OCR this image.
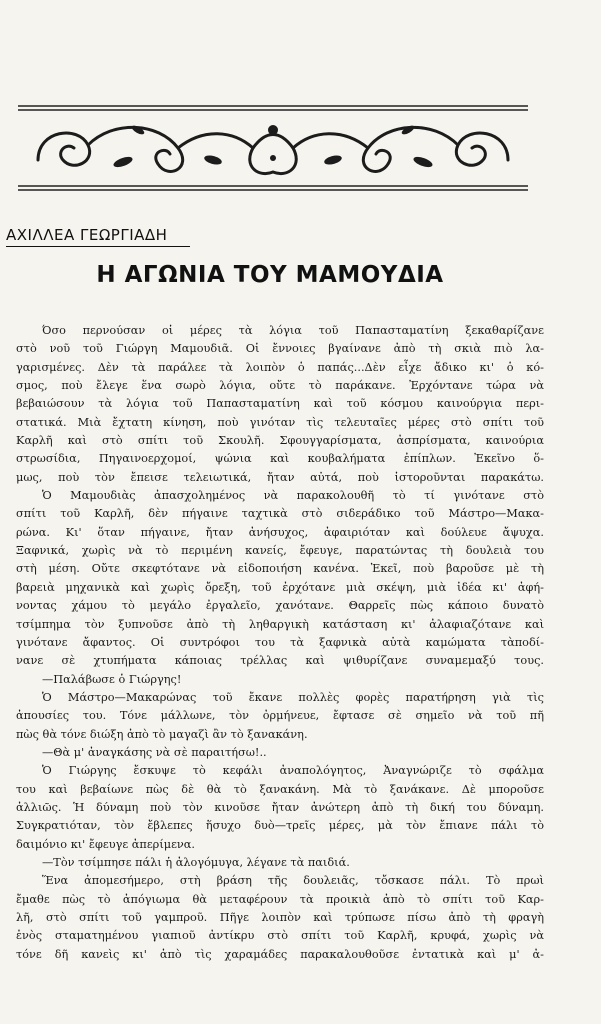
ΑΧΙΛΛΕΑ ΓΕΩΡΓΙΑΔΗ
Η ΑΓΩΝΙΑ ΤΟΥ ΜΑΜΟΥΔΙΑ
Όσο περνούσαν οἱ μέρες τὰ λόγια τοῦ Παπασταματίνη ξεκαθαρίζανε
στὸ νοῦ τοῦ Γιώργη Μαμουδιᾶ. Οἱ ἔννοιες βγαίνανε ἀπὸ τὴ σκιὰ πιὸ λα-
γαρισμένες. Δὲν τὰ παράλεε τὰ λοιπὸν ὁ παπάς...Δὲν εἶχε ἄδικο κι' ὁ κό-
σμος, ποὺ ἔλεγε ἕνα σωρὸ λόγια, οὔτε τὸ παράκανε. Ἐρχόντανε τώρα νὰ
βεβαιώσουν τὰ λόγια τοῦ Παπασταματίνη καὶ τοῦ κόσμου καινούργια περι-
στατικά. Μιὰ ἔχτατη κίνηση, ποὺ γινόταν τὶς τελευταῖες μέρες στὸ σπίτι τοῦ
Καρλῆ καὶ στὸ σπίτι τοῦ Σκουλῆ. Σφουγγαρίσματα, ἀσπρίσματα, καινούρια
στρωσίδια, Πηγαινοερχομοί, ψώνια καὶ κουβαλήματα ἐπίπλων. Ἐκεῖνο ὅ-
μως, ποὺ τὸν ἔπεισε τελειωτικά, ἤταν αὐτά, ποὺ ἱστοροῦνται παρακάτω.
Ὁ Μαμουδιὰς ἀπασχολημένος νὰ παρακολουθῆ τὸ τί γινότανε στὸ
σπίτι τοῦ Καρλῆ, δὲν πήγαινε ταχτικὰ στὸ σιδεράδικο τοῦ Μάστρο—Μακα-
ρώνα. Κι' ὅταν πήγαινε, ἤταν ἀνήσυχος, ἀφαιριόταν καὶ δούλευε ἄψυχα.
Ξαφνικά, χωρὶς νὰ τὸ περιμένη κανείς, ἔφευγε, παρατώντας τὴ δουλειὰ του
στὴ μέση. Οὔτε σκεφτότανε νὰ εἰδοποιήση κανένα. Ἐκεῖ, ποὺ βαροῦσε μὲ τὴ
βαρειὰ μηχανικὰ καὶ χωρὶς ὄρεξη, τοῦ ἐρχότανε μιὰ σκέψη, μιὰ ἰδέα κι' ἀφή-
νοντας χάμου τὸ μεγάλο ἐργαλεῖο, χανότανε. Θαρρεῖς πὼς κάποιο δυνατὸ
τσίμπημα τὸν ξυπνοῦσε ἀπὸ τὴ ληθαργικὴ κατάσταση κι' ἀλαφιαζότανε καὶ
γινότανε ἄφαντος. Οἱ συντρόφοι του τὰ ξαφνικὰ αὐτὰ καμώματα τὰποδί-
νανε σὲ χτυπήματα κάποιας τρέλλας καὶ ψιθυρίζανε συναμεμαξύ τους.
—Παλάβωσε ὁ Γιώργης!
Ὁ Μάστρο—Μακαρώνας τοῦ ἔκανε πολλὲς φορὲς παρατήρηση γιὰ τὶς
ἀπουσίες του. Τόνε μάλλωνε, τὸν ὀρμήνευε, ἔφτασε σὲ σημεῖο νὰ τοῦ πῆ
πὼς θὰ τόνε διώξη ἀπὸ τὸ μαγαζὶ ἂν τὸ ξανακάνη.
—Θὰ μ' ἀναγκάσης νὰ σὲ παραιτήσω!..
Ὁ Γιώργης ἔσκυψε τὸ κεφάλι ἀναπολόγητος, Ἀναγνώριζε τὸ σφάλμα
του καὶ βεβαίωνε πὼς δὲ θὰ τὸ ξανακάνη. Μὰ τὸ ξανάκανε. Δὲ μποροῦσε
ἀλλιῶς. Ἡ δύναμη ποὺ τὸν κινοῦσε ἤταν ἀνώτερη ἀπὸ τὴ δική του δύναμη.
Συγκρατιόταν, τὸν ἔβλεπες ἥσυχο δυὸ—τρεῖς μέρες, μὰ τὸν ἔπιανε πάλι τὸ
δαιμόνιο κι' ἔφευγε ἀπερίμενα.
—Τὸν τσίμπησε πάλι ἡ ἀλογόμυγα, λέγανε τὰ παιδιά.
Ἕνα ἀπομεσήμερο, στὴ βράση τῆς δουλειᾶς, τὄσκασε πάλι. Τὸ πρωὶ
ἔμαθε πὼς τὸ ἀπόγιωμα θὰ μεταφέρουν τὰ προικιὰ ἀπὸ τὸ σπίτι τοῦ Καρ-
λῆ, στὸ σπίτι τοῦ γαμπροῦ. Πῆγε λοιπὸν καὶ τρύπωσε πίσω ἀπὸ τὴ φραγὴ
ἑνὸς σταματημένου γιαπιοῦ ἀντίκρυ στὸ σπίτι τοῦ Καρλῆ, κρυφά, χωρὶς νὰ
τόνε δῆ κανεὶς κι' ἀπὸ τὶς χαραμάδες παρακαλουθοῦσε ἐντατικὰ καὶ μ' ἀ-
